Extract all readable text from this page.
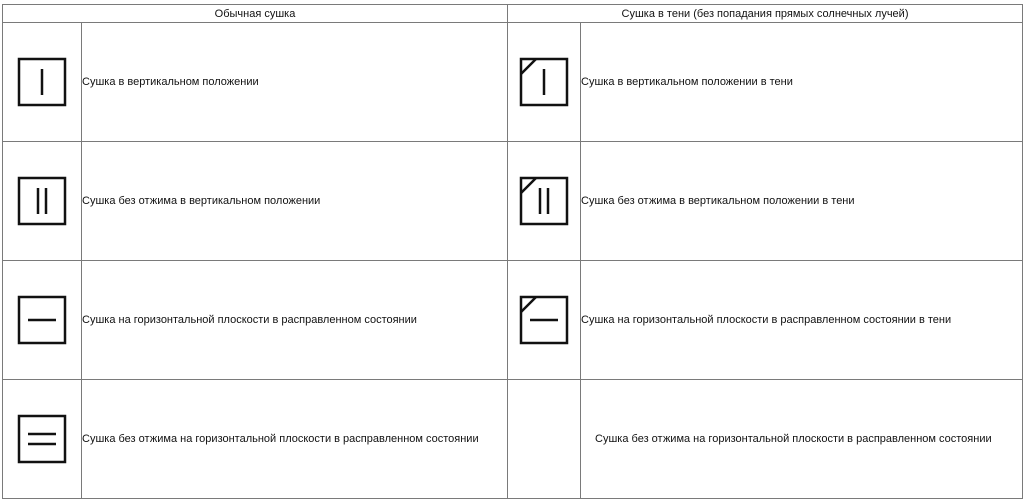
Обычная сушка		Сушка в тени (без попадания прямых солнечных лучей)	

	Сушка в вертикальном положении		Сушка в вертикальном положении в тени

	Сушка без отжима в вертикальном положении		Сушка без отжима в вертикальном положении в тени

	Сушка на горизонтальной плоскости в расправленном состоянии		Сушка на горизонтальной плоскости в расправленном состоянии в тени

	Сушка без отжима на горизонтальной плоскости в расправленном состоянии		Сушка без отжима на горизонтальной плоскости в расправленном состоянии
